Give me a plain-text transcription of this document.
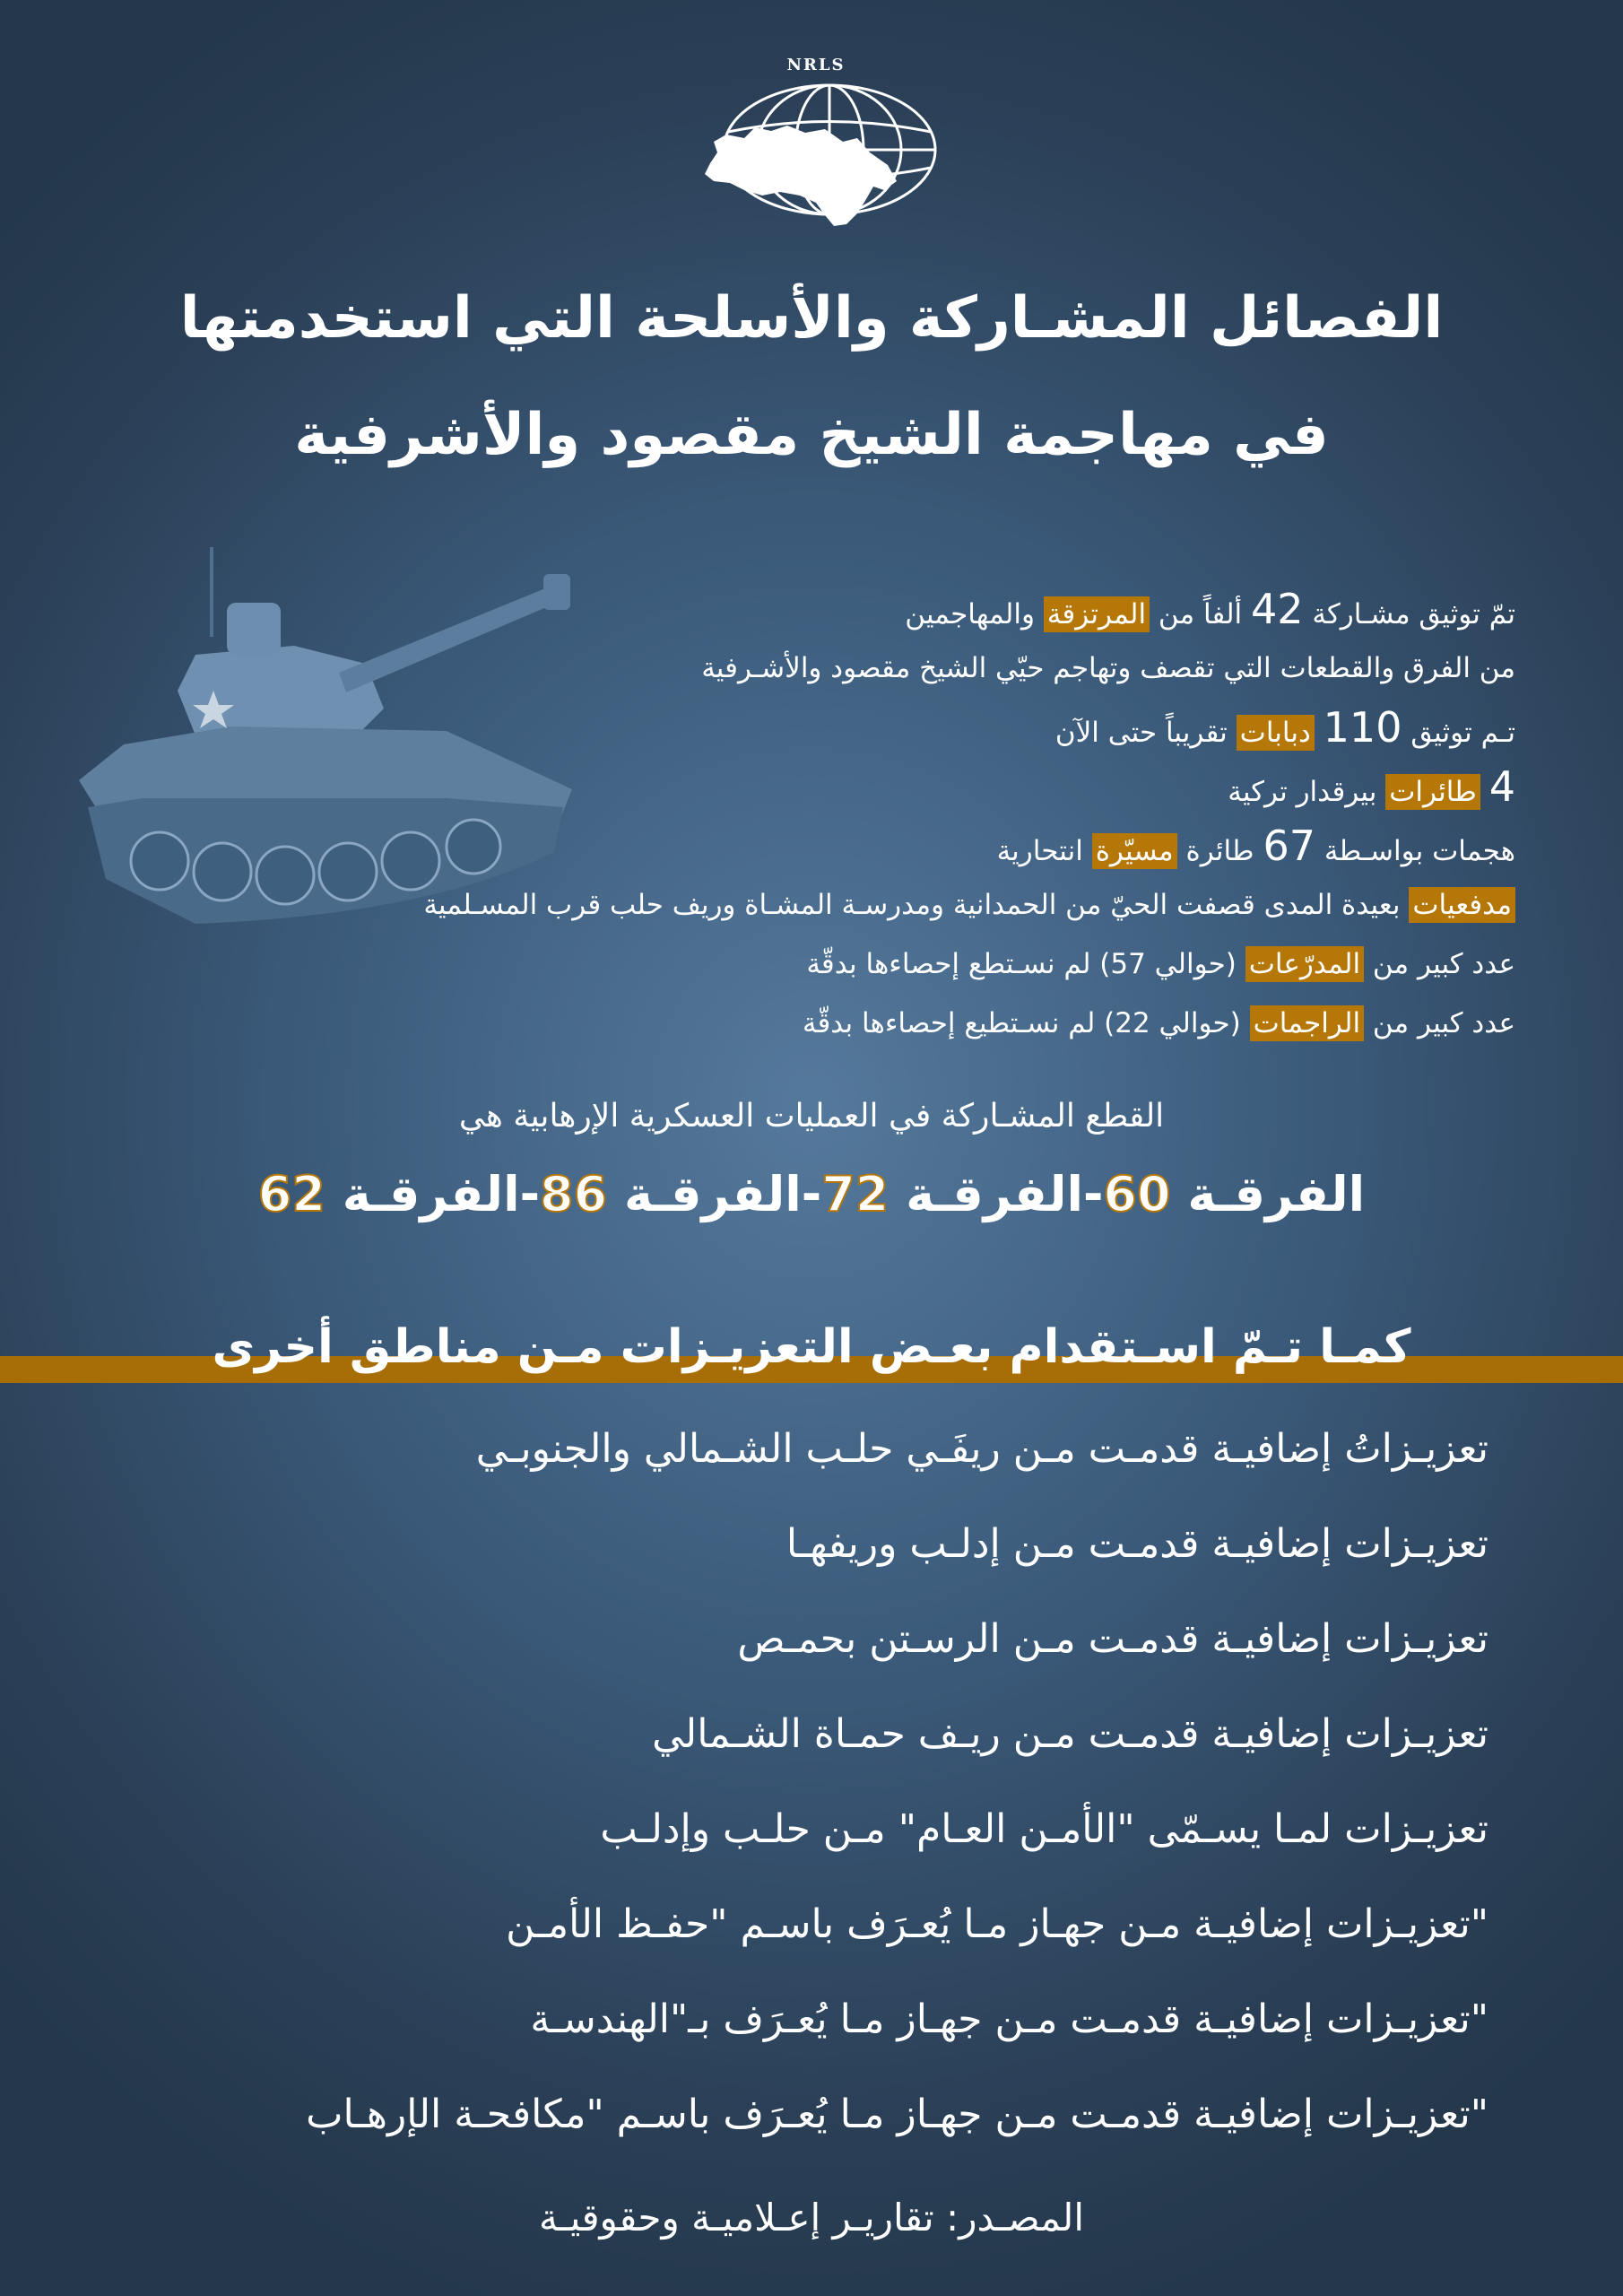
NRLS
الفصائل المشـاركة والأسلحة التي استخدمتها
في مهاجمة الشيخ مقصود والأشرفية
تمّ توثيق مشـاركة 42 ألفاً من المرتزقة والمهاجمين
من الفرق والقطعات التي تقصف وتهاجم حيّي الشيخ مقصود والأشـرفية
تـم توثيق 110 دبابات تقريباً حتى الآن
4 طائرات بيرقدار تركية
هجمات بواسـطة 67 طائرة مسيّرة انتحارية
مدفعيات بعيدة المدى قصفت الحيّ من الحمدانية ومدرسـة المشـاة وريف حلب قرب المسـلمية
عدد كبير من المدرّعات (حوالي 57) لم نسـتطع إحصاءها بدقّة
عدد كبير من الراجمات (حوالي 22) لم نسـتطيع إحصاءها بدقّة
القطع المشـاركة في العمليات العسكرية الإرهابية هي
الفرقـة 60-الفرقـة 72-الفرقـة 86-الفرقـة 62
كمـا تـمّ اسـتقدام بعـض التعزيـزات مـن مناطق أخرى
تعزيـزاتُ إضافيـة قدمـت مـن ريفَـي حلـب الشـمالي والجنوبـي
تعزيـزات إضافيـة قدمـت مـن إدلـب وريفهـا
تعزيـزات إضافيـة قدمـت مـن الرسـتن بحمـص
تعزيـزات إضافيـة قدمـت مـن ريـف حمـاة الشـمالي
تعزيـزات لمـا يسـمّى "الأمـن العـام" مـن حلـب وإدلـب
"تعزيـزات إضافيـة مـن جهـاز مـا يُعـرَف باسـم "حفـظ الأمـن
"تعزيـزات إضافيـة قدمـت مـن جهـاز مـا يُعـرَف بـ"الهندسـة
"تعزيـزات إضافيـة قدمـت مـن جهـاز مـا يُعـرَف باسـم "مكافحـة الإرهـاب
المصـدر: تقاريـر إعـلاميـة وحقوقيـة
